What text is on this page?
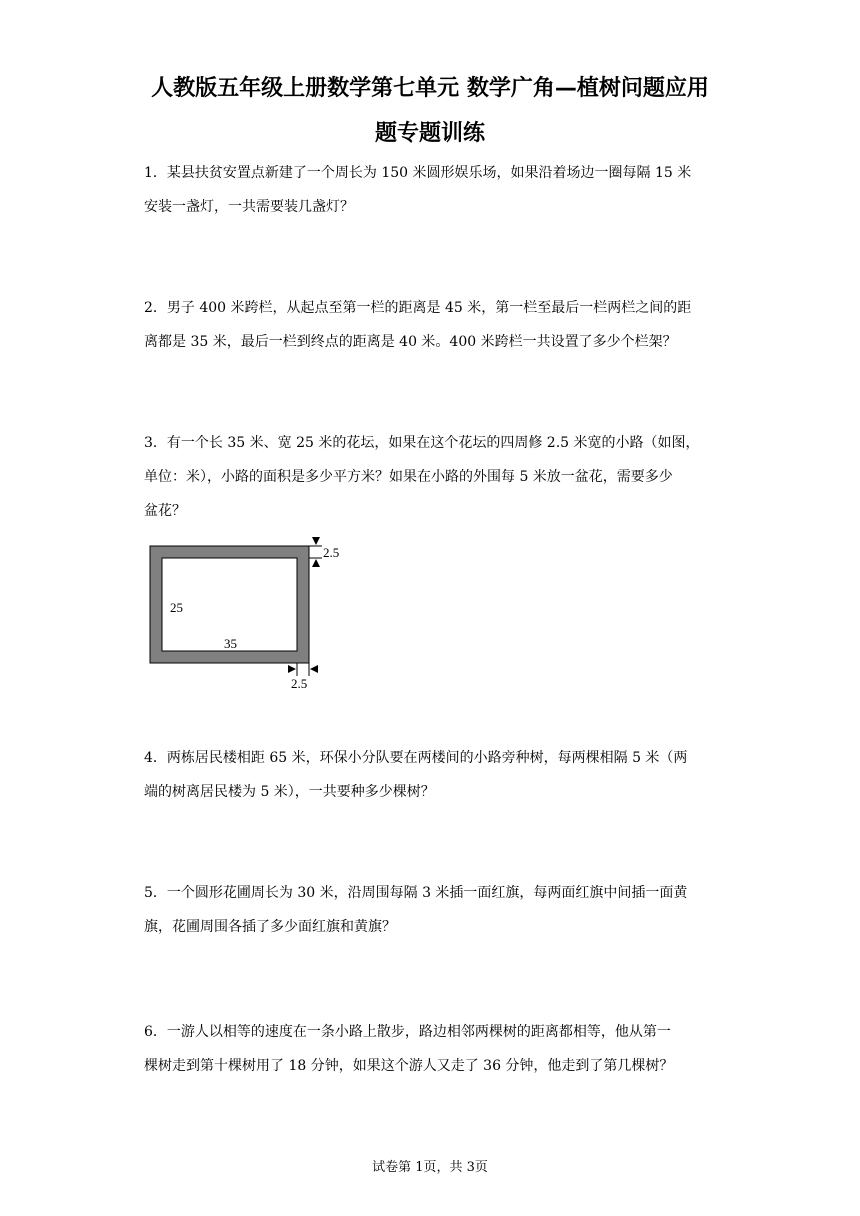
人教版五年级上册数学第七单元 数学广角—植树问题应用
题专题训练
1．某县扶贫安置点新建了一个周长为 150 米圆形娱乐场，如果沿着场边一圈每隔 15 米
安装一盏灯，一共需要装几盏灯？
2．男子 400 米跨栏，从起点至第一栏的距离是 45 米，第一栏至最后一栏两栏之间的距
离都是 35 米，最后一栏到终点的距离是 40 米。400 米跨栏一共设置了多少个栏架？
3．有一个长 35 米、宽 25 米的花坛，如果在这个花坛的四周修 2.5 米宽的小路（如图，
单位：米），小路的面积是多少平方米？如果在小路的外围每 5 米放一盆花，需要多少
盆花？
2.5
25
35
2.5
4．两栋居民楼相距 65 米，环保小分队要在两楼间的小路旁种树，每两棵相隔 5 米（两
端的树离居民楼为 5 米），一共要种多少棵树？
5．一个圆形花圃周长为 30 米，沿周围每隔 3 米插一面红旗，每两面红旗中间插一面黄
旗，花圃周围各插了多少面红旗和黄旗？
6．一游人以相等的速度在一条小路上散步，路边相邻两棵树的距离都相等，他从第一
棵树走到第十棵树用了 18 分钟，如果这个游人又走了 36 分钟，他走到了第几棵树？
试卷第 1页，共 3页
